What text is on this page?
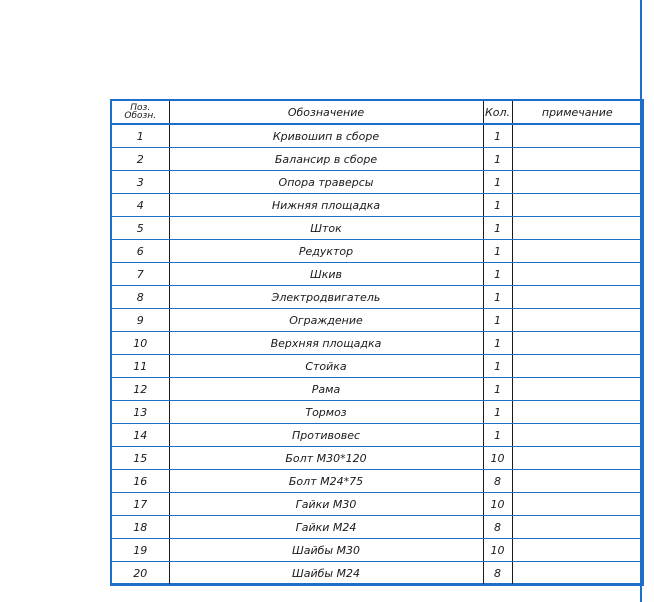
Поз.
Обозн.	Обозначение	Кол.	примечание
1	Кривошип в сборе	1	
2	Балансир в сборе	1	
3	Опора траверсы	1	
4	Нижняя площадка	1	
5	Шток	1	
6	Редуктор	1	
7	Шкив	1	
8	Электродвигатель	1	
9	Ограждение	1	
10	Верхняя площадка	1	
11	Стойка	1	
12	Рама	1	
13	Тормоз	1	
14	Противовес	1	
15	Болт М30*120	10	
16	Болт М24*75	8	
17	Гайки М30	10	
18	Гайки М24	8	
19	Шайбы М30	10	
20	Шайбы М24	8	
